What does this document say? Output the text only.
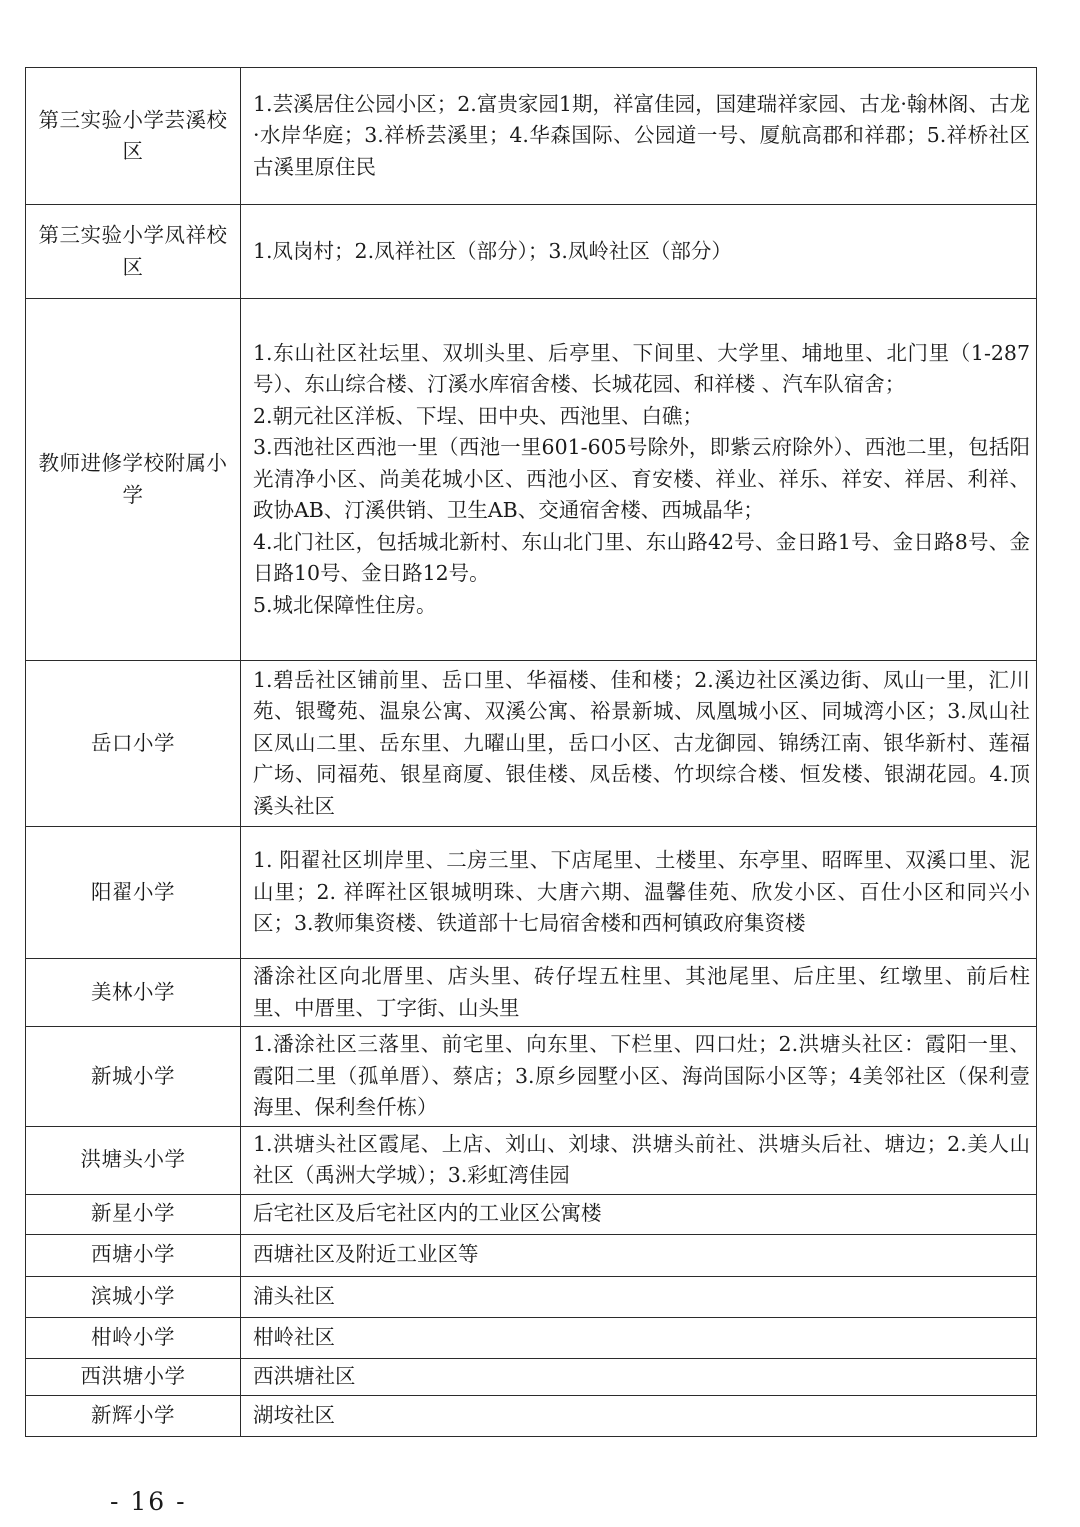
第三实验小学芸溪校区	1.芸溪居住公园小区；2.富贵家园1期，祥富佳园，国建瑞祥家园、古龙·翰林阁、古龙·水岸华庭；3.祥桥芸溪里；4.华森国际、公园道一号、厦航高郡和祥郡；5.祥桥社区古溪里原住民

第三实验小学凤祥校区	1.凤岗村；2.凤祥社区（部分）；3.凤岭社区（部分）

教师进修学校附属小学	1.东山社区社坛里、双圳头里、后亭里、下间里、大学里、埔地里、北门里（1-287号）、东山综合楼、汀溪水库宿舍楼、长城花园、和祥楼 、汽车队宿舍；
2.朝元社区洋板、下埕、田中央、西池里、白礁；
3.西池社区西池一里（西池一里601-605号除外，即紫云府除外）、西池二里，包括阳光清净小区、尚美花城小区、西池小区、育安楼、祥业、祥乐、祥安、祥居、利祥、政协AB、汀溪供销、卫生AB、交通宿舍楼、西城晶华；
4.北门社区，包括城北新村、东山北门里、东山路42号、金日路1号、金日路8号、金日路10号、金日路12号。
5.城北保障性住房。

岳口小学	1.碧岳社区铺前里、岳口里、华福楼、佳和楼；2.溪边社区溪边街、凤山一里，汇川苑、银鹭苑、温泉公寓、双溪公寓、裕景新城、凤凰城小区、同城湾小区；3.凤山社区凤山二里、岳东里、九曜山里，岳口小区、古龙御园、锦绣江南、银华新村、莲福广场、同福苑、银星商厦、银佳楼、凤岳楼、竹坝综合楼、恒发楼、银湖花园。4.顶溪头社区

阳翟小学	1. 阳翟社区圳岸里、二房三里、下店尾里、土楼里、东亭里、昭晖里、双溪口里、泥山里；2. 祥晖社区银城明珠、大唐六期、温馨佳苑、欣发小区、百仕小区和同兴小区；3.教师集资楼、铁道部十七局宿舍楼和西柯镇政府集资楼

美林小学	潘涂社区向北厝里、店头里、砖仔埕五柱里、其池尾里、后庄里、红墩里、前后柱里、中厝里、丁字街、山头里

新城小学	1.潘涂社区三落里、前宅里、向东里、下栏里、四口灶；2.洪塘头社区：霞阳一里、霞阳二里（孤单厝）、蔡店；3.原乡园墅小区、海尚国际小区等；4美邻社区（保利壹海里、保利叁仟栋）

洪塘头小学	1.洪塘头社区霞尾、上店、刘山、刘埭、洪塘头前社、洪塘头后社、塘边；2.美人山社区（禹洲大学城）；3.彩虹湾佳园

新星小学	后宅社区及后宅社区内的工业区公寓楼

西塘小学	西塘社区及附近工业区等

滨城小学	浦头社区

柑岭小学	柑岭社区

西洪塘小学	西洪塘社区

新辉小学	湖垵社区
- 16 -
